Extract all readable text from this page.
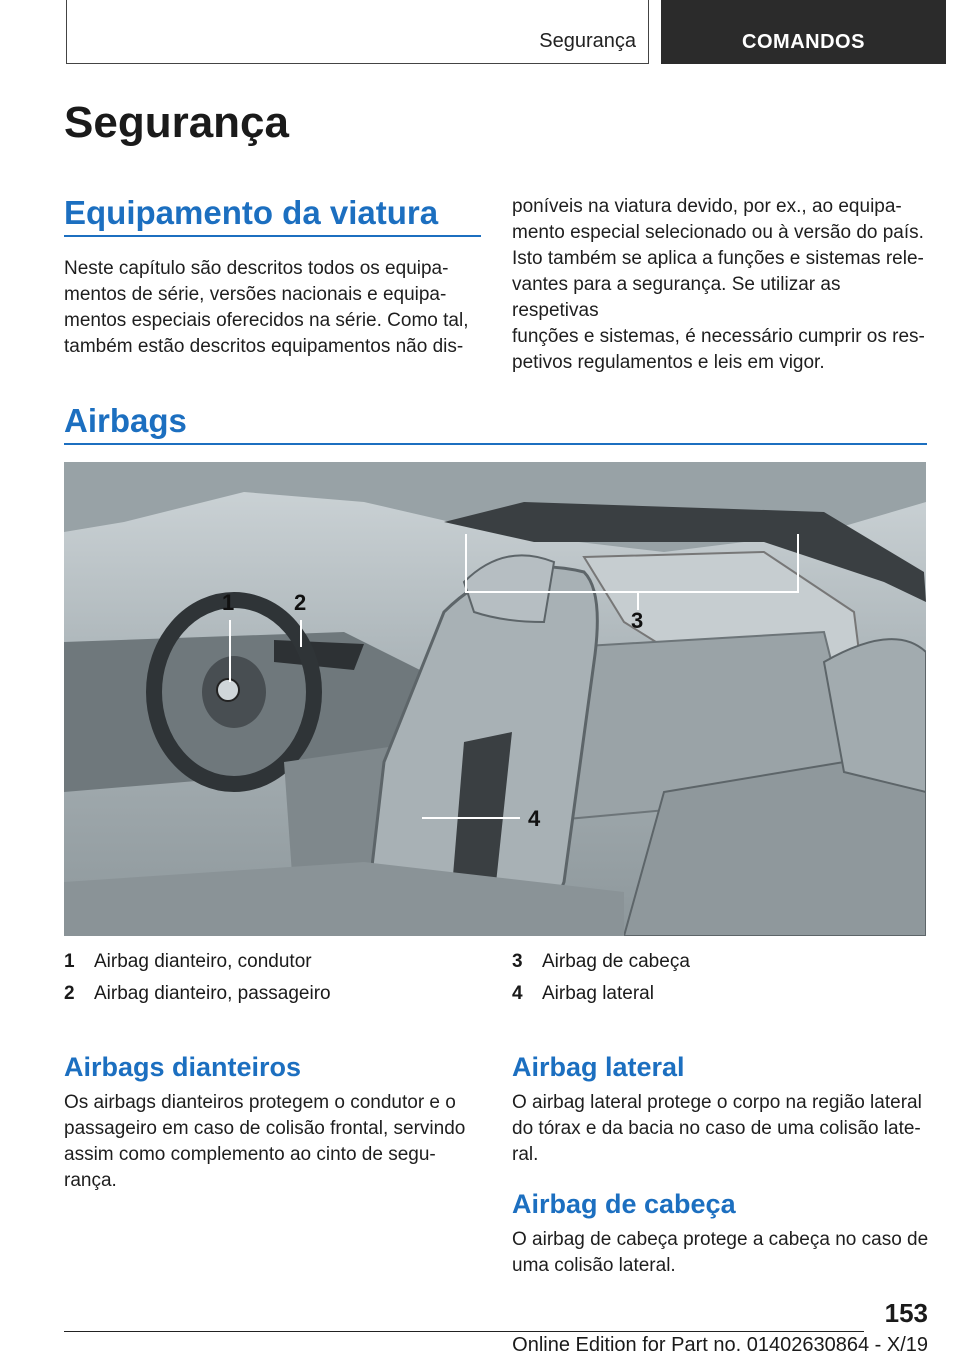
Segurança	COMANDOS
Segurança
Equipamento da viatura

Neste capítulo são descritos todos os equipa-
mentos de série, versões nacionais e equipa-
mentos especiais oferecidos na série. Como tal,
também estão descritos equipamentos não dis-

poníveis na viatura devido, por ex., ao equipa-
mento especial selecionado ou à versão do país.
Isto também se aplica a funções e sistemas rele-
vantes para a segurança. Se utilizar as respetivas
funções e sistemas, é necessário cumprir os res-
petivos regulamentos e leis em vigor.

Airbags
1	2
3
4
1	Airbag dianteiro, condutor
2	Airbag dianteiro, passageiro
3	Airbag de cabeça
4	Airbag lateral
Airbags dianteiros

Os airbags dianteiros protegem o condutor e o
passageiro em caso de colisão frontal, servindo
assim como complemento ao cinto de segu-
rança.

Airbag lateral

O airbag lateral protege o corpo na região lateral
do tórax e da bacia no caso de uma colisão late-
ral.

Airbag de cabeça

O airbag de cabeça protege a cabeça no caso de
uma colisão lateral.

153
Online Edition for Part no. 01402630864 - X/19
